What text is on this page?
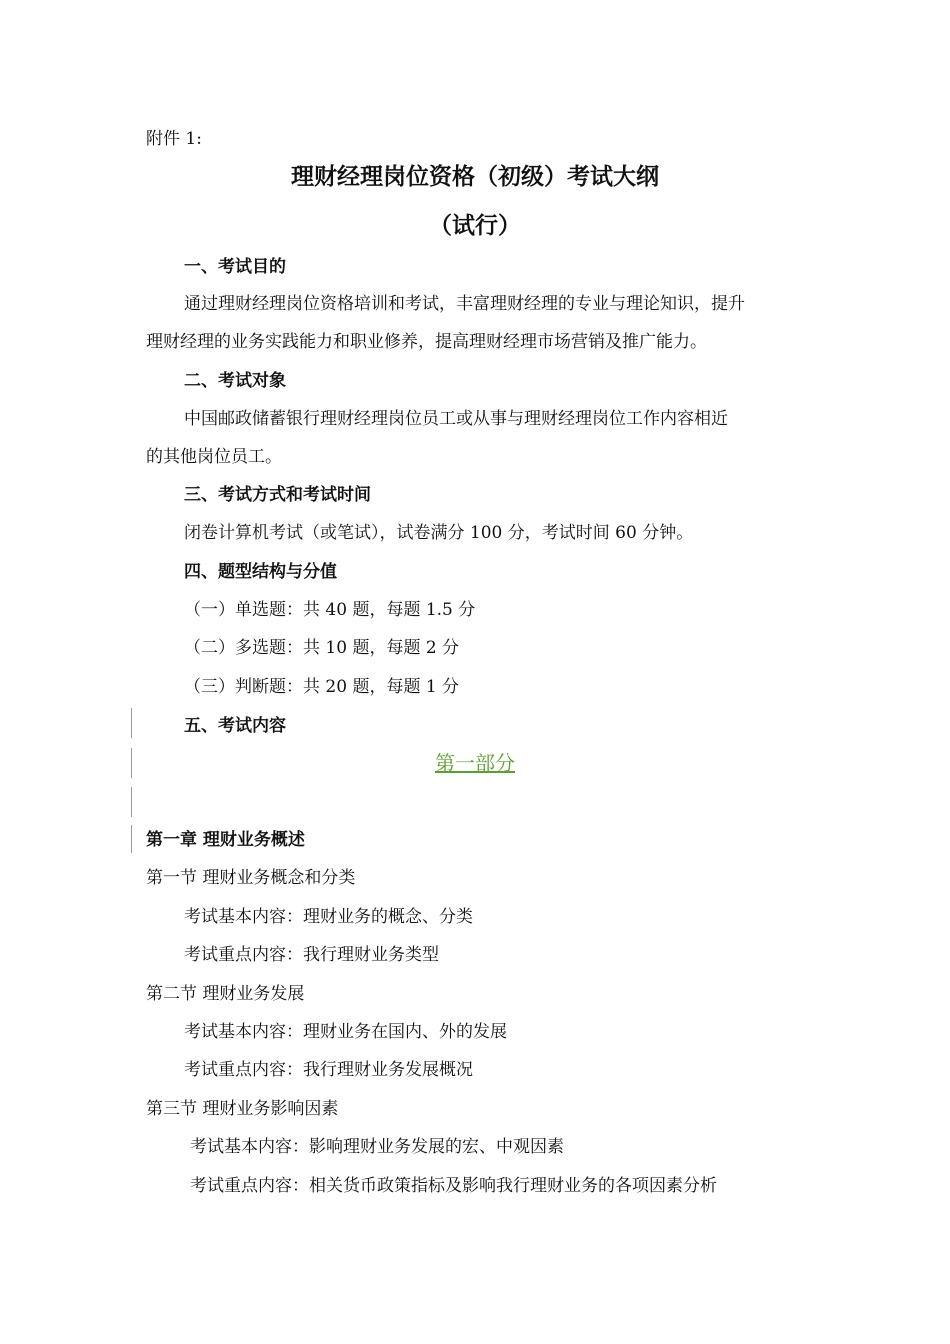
附件 1:
理财经理岗位资格（初级）考试大纲
（试行）
一、考试目的
通过理财经理岗位资格培训和考试，丰富理财经理的专业与理论知识，提升
理财经理的业务实践能力和职业修养，提高理财经理市场营销及推广能力。
二、考试对象
中国邮政储蓄银行理财经理岗位员工或从事与理财经理岗位工作内容相近
的其他岗位员工。
三、考试方式和考试时间
闭卷计算机考试（或笔试），试卷满分 100 分，考试时间 60 分钟。
四、题型结构与分值
（一）单选题：共 40 题，每题 1.5 分
（二）多选题：共 10 题，每题 2 分
（三）判断题：共 20 题，每题 1 分
五、考试内容
第一部分
第一章 理财业务概述
第一节 理财业务概念和分类
考试基本内容：理财业务的概念、分类
考试重点内容：我行理财业务类型
第二节 理财业务发展
考试基本内容：理财业务在国内、外的发展
考试重点内容：我行理财业务发展概况
第三节 理财业务影响因素
考试基本内容：影响理财业务发展的宏、中观因素
考试重点内容：相关货币政策指标及影响我行理财业务的各项因素分析
